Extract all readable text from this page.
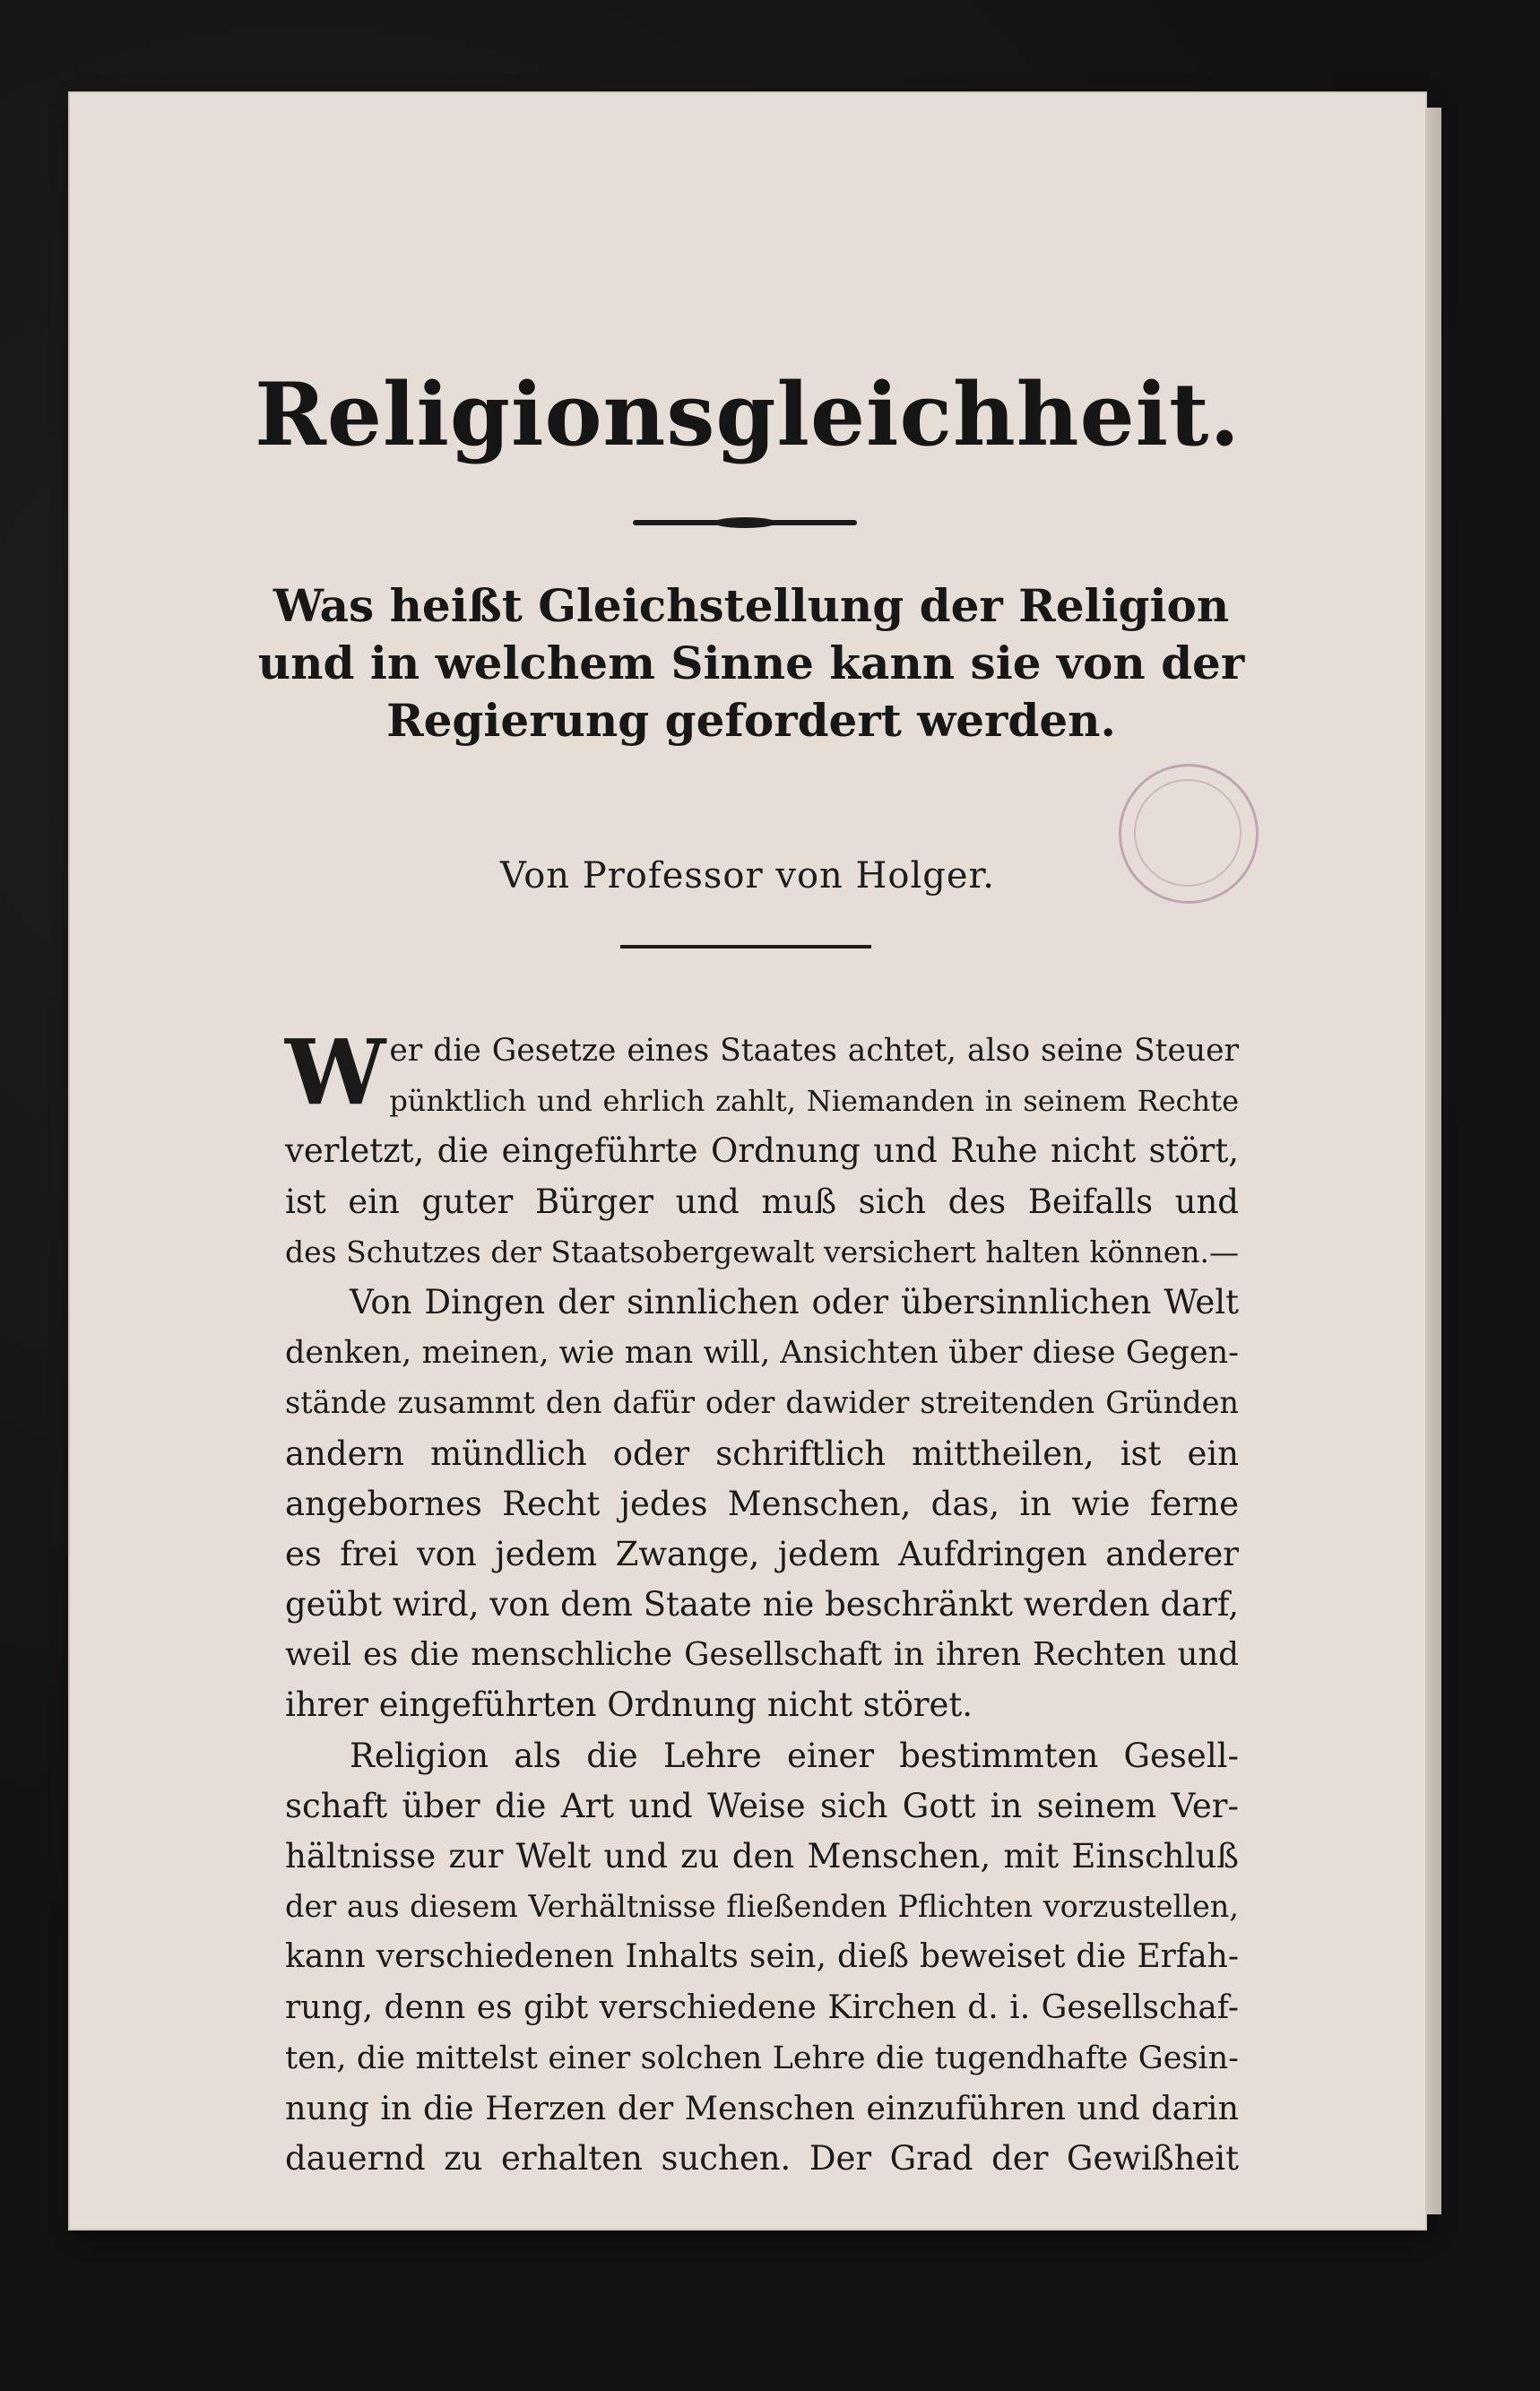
Religionsgleichheit.
Was heißt Gleichstellung der Religion
und in welchem Sinne kann sie von der
Regierung gefordert werden.
Von Professor von Holger.
W er die Gesetze eines Staates achtet, also seine Steuer
pünktlich und ehrlich zahlt, Niemanden in seinem Rechte
verletzt, die eingeführte Ordnung und Ruhe nicht stört,
ist ein guter Bürger und muß sich des Beifalls und
des Schutzes der Staatsobergewalt versichert halten können.—
Von Dingen der sinnlichen oder übersinnlichen Welt
denken, meinen, wie man will, Ansichten über diese Gegen-
stände zusammt den dafür oder dawider streitenden Gründen
andern mündlich oder schriftlich mittheilen, ist ein
angebornes Recht jedes Menschen, das, in wie ferne
es frei von jedem Zwange, jedem Aufdringen anderer
geübt wird, von dem Staate nie beschränkt werden darf,
weil es die menschliche Gesellschaft in ihren Rechten und
ihrer eingeführten Ordnung nicht störet.
Religion als die Lehre einer bestimmten Gesell-
schaft über die Art und Weise sich Gott in seinem Ver-
hältnisse zur Welt und zu den Menschen, mit Einschluß
der aus diesem Verhältnisse fließenden Pflichten vorzustellen,
kann verschiedenen Inhalts sein, dieß beweiset die Erfah-
rung, denn es gibt verschiedene Kirchen d. i. Gesellschaf-
ten, die mittelst einer solchen Lehre die tugendhafte Gesin-
nung in die Herzen der Menschen einzuführen und darin
dauernd zu erhalten suchen. Der Grad der Gewißheit
